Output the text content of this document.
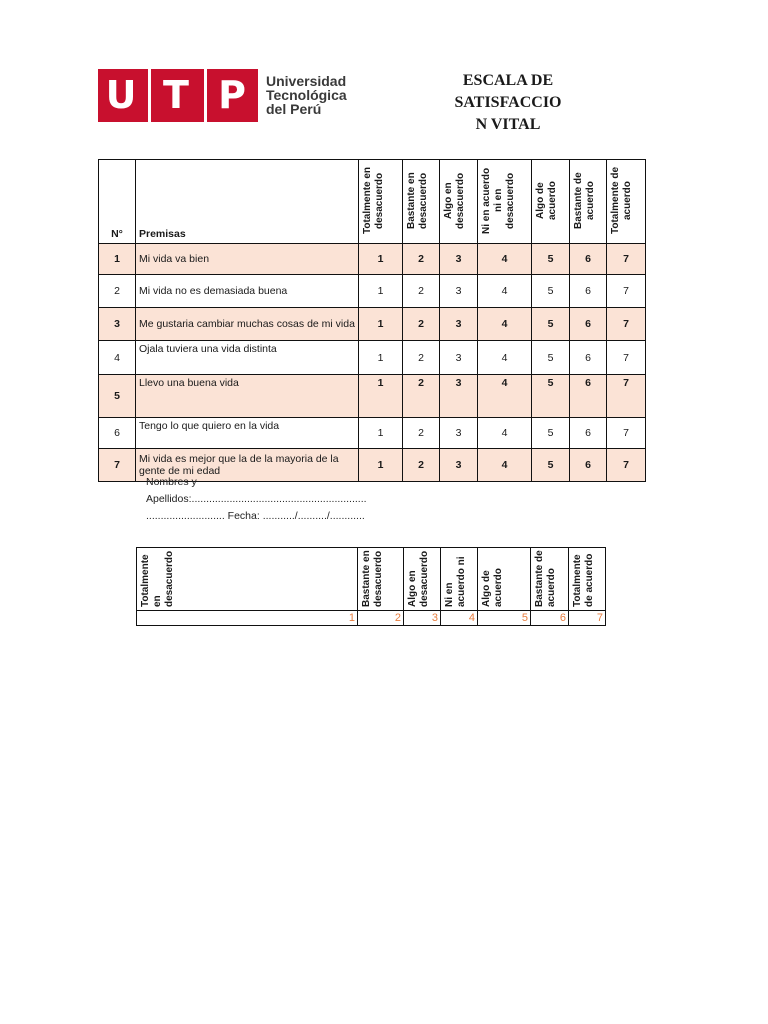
U T P	Universidad
Tecnológica
del Perú
ESCALA DE
SATISFACCIO
N VITAL
N°	Premisas	Totalmente en desacuerdo	Bastante en desacuerdo	Algo en desacuerdo	Ni en acuerdo ni en desacuerdo	Algo de acuerdo	Bastante de acuerdo	Totalmente de acuerdo

1	Mi vida va bien	1	2	3	4	5	6	7
2	Mi vida no es demasiada buena	1	2	3	4	5	6	7
3	Me gustaria cambiar muchas cosas de mi vida	1	2	3	4	5	6	7
4	Ojala tuviera una vida distinta	1	2	3	4	5	6	7
5	Llevo una buena vida	1	2	3	4	5	6	7
6	Tengo lo que quiero en la vida	1	2	3	4	5	6	7
7	Mi vida es mejor que la de la mayoria de la gente de mi edad	1	2	3	4	5	6	7
Nombres y
Apellidos:............................................................
........................... Fecha: .........../........../............
Totalmente en desacuerdo	Bastante en desacuerdo	Algo en desacuerdo	Ni en acuerdo ni	Algo de acuerdo	Bastante de acuerdo	Totalmente de acuerdo

1	2	3	4	5	6	7
